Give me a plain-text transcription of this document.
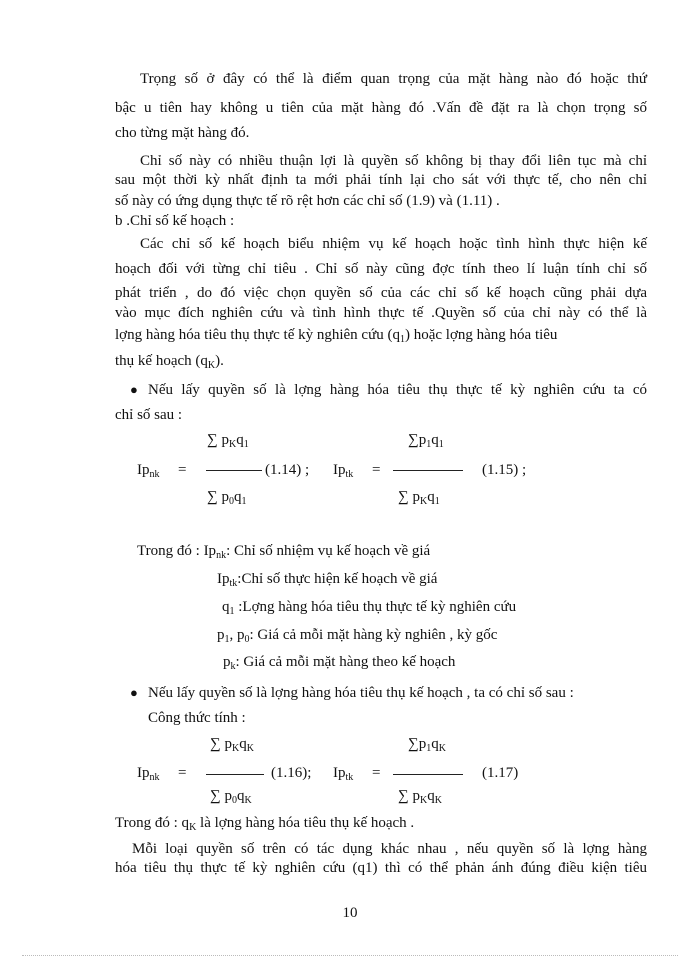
Trọng số ở đây có thể là điểm quan trọng của mặt hàng nào đó hoặc thứ
bậc u tiên hay không u tiên của mặt hàng đó .Vấn đề đặt ra là chọn trọng số
cho từng mặt hàng đó.
Chỉ số này có nhiều thuận lợi là quyền số không bị thay đổi liên tục mà chỉ
sau một thời kỳ nhất định ta mới phải tính lại cho sát với thực tế, cho nên chỉ
số này có ứng dụng thực tế rõ rệt hơn các chỉ số (1.9) và (1.11) .
b .Chỉ số kế hoạch :
Các chỉ số kế hoạch biểu nhiệm vụ kế hoạch hoặc tình hình thực hiện kế
hoạch đối với từng chỉ tiêu . Chỉ số này cũng đợc tính theo lí luận tính chỉ số
phát triển , do đó việc chọn quyền số của các chỉ số kế hoạch cũng phải dựa
vào mục đích nghiên cứu và tình hình thực tế .Quyền số của chỉ này có thể là
lợng hàng hóa tiêu thụ thực tế kỳ nghiên cứu $(q_1)$ hoặc lợng hàng hóa tiêu
thụ kế hoạch $(q_K)$.
● Nếu lấy quyền số là lợng hàng hóa tiêu thụ thực tế kỳ nghiên cứu ta có
chỉ số sau :
∑ $p_Kq_1$
$Ip_{nk}$ =	(1.14) ;
∑ $p_0q_1$
$\sum p_1q_1$
$Ip_{tk}$ =	(1.15) ;
∑ $p_Kq_1$
Trong đó : $Ip_{nk}$: Chỉ số nhiệm vụ kế hoạch về giá
$Ip_{tk}:Chỉ$ số thực hiện kế hoạch về giá
$q_1$ :Lợng hàng hóa tiêu thụ thực tế kỳ nghiên cứu
$p_1$, $p_0$: Giá cả mỗi mặt hàng kỳ nghiên , kỳ gốc
$p_k$: Giá cả mỗi mặt hàng theo kế hoạch
● Nếu lấy quyền số là lợng hàng hóa tiêu thụ kế hoạch , ta có chỉ số sau :
Công thức tính :
∑ $p_Kq_K$
$Ip_{nk}$ =	(1.16);
∑ $p_0q_K$
$\sum p_1q_K$
$Ip_{tk}$ =	(1.17)
∑ $p_Kq_K$
Trong đó : $q_K$ là lợng hàng hóa tiêu thụ kế hoạch .
Mỗi loại quyền số trên có tác dụng khác nhau , nếu quyền số là lợng hàng
hóa tiêu thụ thực tế kỳ nghiên cứu (q1) thì có thể phản ánh đúng điều kiện tiêu
10
